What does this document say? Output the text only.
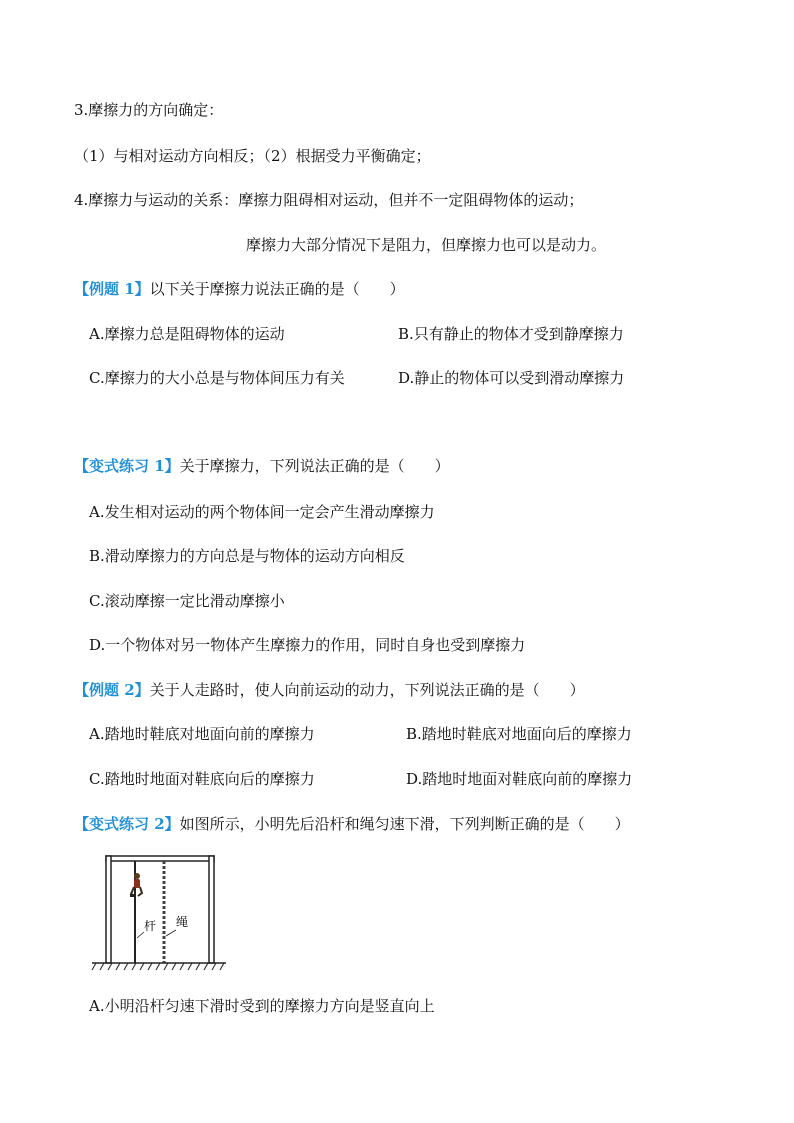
3.摩擦力的方向确定：
（1）与相对运动方向相反；（2）根据受力平衡确定；
4.摩擦力与运动的关系：摩擦力阻碍相对运动，但并不一定阻碍物体的运动；
摩擦力大部分情况下是阻力，但摩擦力也可以是动力。
【例题 1】以下关于摩擦力说法正确的是（　　）
A.摩擦力总是阻碍物体的运动	B.只有静止的物体才受到静摩擦力
C.摩擦力的大小总是与物体间压力有关	D.静止的物体可以受到滑动摩擦力
【变式练习 1】关于摩擦力，下列说法正确的是（　　）
A.发生相对运动的两个物体间一定会产生滑动摩擦力
B.滑动摩擦力的方向总是与物体的运动方向相反
C.滚动摩擦一定比滑动摩擦小
D.一个物体对另一物体产生摩擦力的作用，同时自身也受到摩擦力
【例题 2】关于人走路时，使人向前运动的动力，下列说法正确的是（　　）
A.踏地时鞋底对地面向前的摩擦力	B.踏地时鞋底对地面向后的摩擦力
C.踏地时地面对鞋底向后的摩擦力	D.踏地时地面对鞋底向前的摩擦力
【变式练习 2】如图所示，小明先后沿杆和绳匀速下滑，下列判断正确的是（　　）
杆 绳
A.小明沿杆匀速下滑时受到的摩擦力方向是竖直向上
